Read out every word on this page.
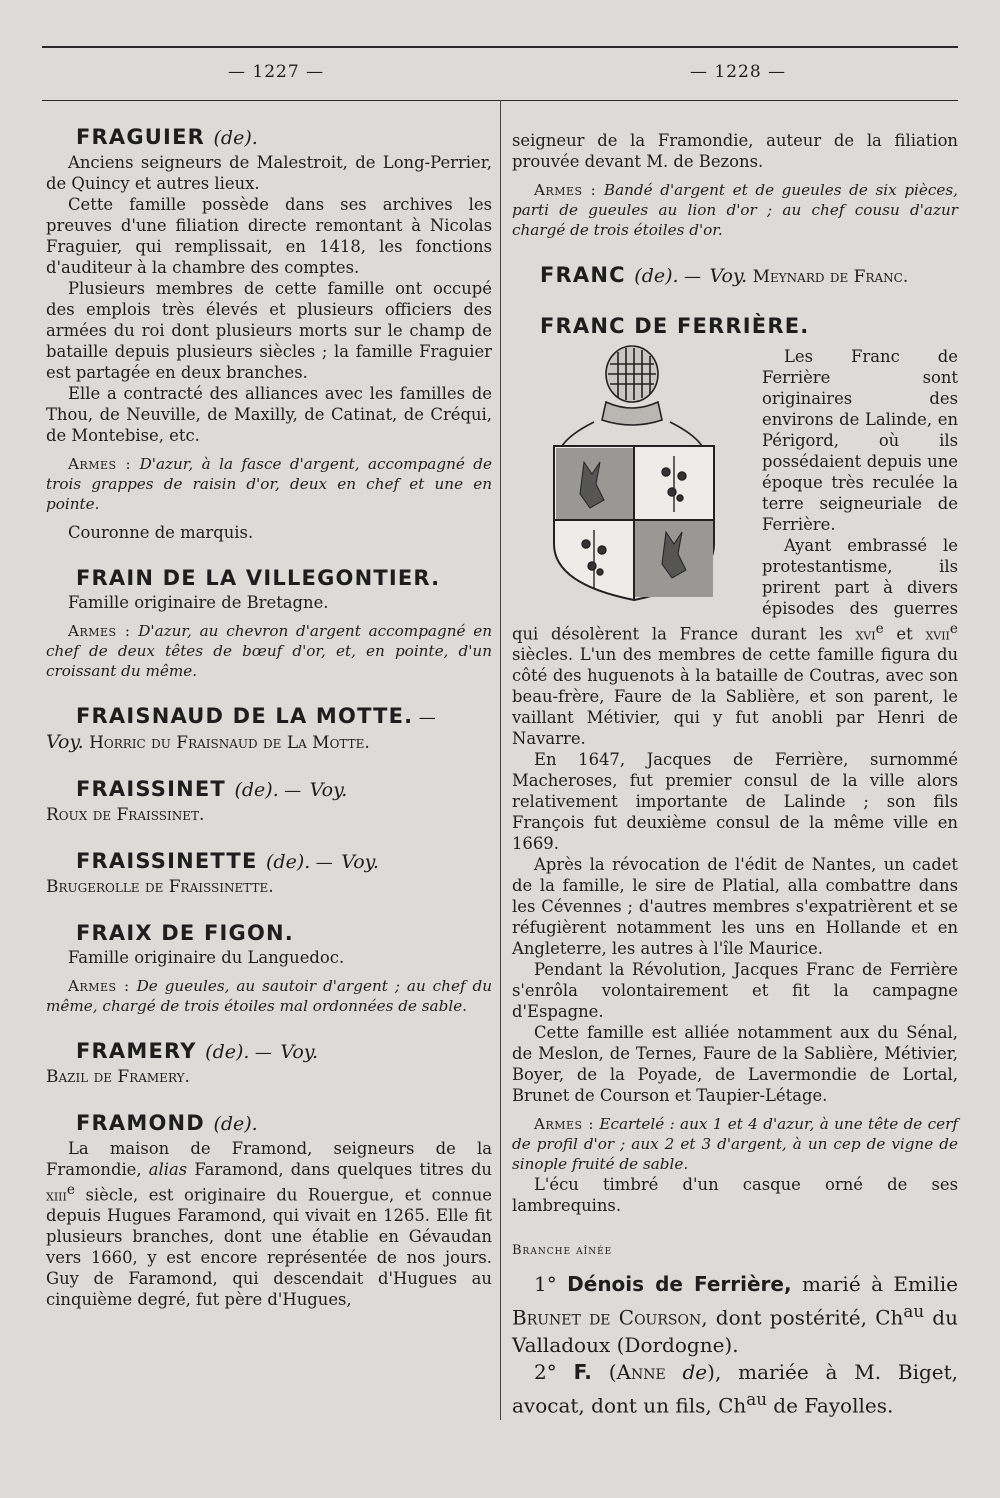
— 1227 —	— 1228 —
FRAGUIER (de).

Anciens seigneurs de Malestroit, de Long-Perrier, de Quincy et autres lieux.

Cette famille possède dans ses archives les preuves d'une filiation directe remontant à Nicolas Fraguier, qui remplissait, en 1418, les fonctions d'auditeur à la chambre des comptes.

Plusieurs membres de cette famille ont occupé des emplois très élevés et plusieurs officiers des armées du roi dont plusieurs morts sur le champ de bataille depuis plusieurs siècles ; la famille Fraguier est partagée en deux branches.

Elle a contracté des alliances avec les familles de Thou, de Neuville, de Maxilly, de Catinat, de Créqui, de Montebise, etc.

Armes : D'azur, à la fasce d'argent, accompagné de trois grappes de raisin d'or, deux en chef et une en pointe.

Couronne de marquis.

FRAIN DE LA VILLEGONTIER.

Famille originaire de Bretagne.

Armes : D'azur, au chevron d'argent accompagné en chef de deux têtes de bœuf d'or, et, en pointe, d'un croissant du même.

FRAISNAUD DE LA MOTTE. —

Voy. Horric du Fraisnaud de La Motte.

FRAISSINET (de). — Voy.

Roux de Fraissinet.

FRAISSINETTE (de). — Voy.

Brugerolle de Fraissinette.

FRAIX DE FIGON.

Famille originaire du Languedoc.

Armes : De gueules, au sautoir d'argent ; au chef du même, chargé de trois étoiles mal ordonnées de sable.

FRAMERY (de). — Voy.

Bazil de Framery.

FRAMOND (de).

La maison de Framond, seigneurs de la Framondie, alias Faramond, dans quelques titres du xiii$^e$ siècle, est originaire du Rouergue, et connue depuis Hugues Faramond, qui vivait en 1265. Elle fit plusieurs branches, dont une établie en Gévaudan vers 1660, y est encore représentée de nos jours. Guy de Faramond, qui descendait d'Hugues au cinquième degré, fut père d'Hugues,

seigneur de la Framondie, auteur de la filiation prouvée devant M. de Bezons.

Armes : Bandé d'argent et de gueules de six pièces, parti de gueules au lion d'or ; au chef cousu d'azur chargé de trois étoiles d'or.

FRANC (de). — Voy. Meynard de Franc.
FRANC DE FERRIÈRE.

Les Franc de Ferrière sont originaires des environs de Lalinde, en Périgord, où ils possédaient depuis une époque très reculée la terre seigneuriale de Ferrière.

Ayant embrassé le protestantisme, ils prirent part à divers épisodes des guerres qui désolèrent la France durant les xvi$^e$ et xvii$^e$ siècles. L'un des membres de cette famille figura du côté des huguenots à la bataille de Coutras, avec son beau-frère, Faure de la Sablière, et son parent, le vaillant Métivier, qui y fut anobli par Henri de Navarre.

En 1647, Jacques de Ferrière, surnommé Macheroses, fut premier consul de la ville alors relativement importante de Lalinde ; son fils François fut deuxième consul de la même ville en 1669.

Après la révocation de l'édit de Nantes, un cadet de la famille, le sire de Platial, alla combattre dans les Cévennes ; d'autres membres s'expatrièrent et se réfugièrent notamment les uns en Hollande et en Angleterre, les autres à l'île Maurice.

Pendant la Révolution, Jacques Franc de Ferrière s'enrôla volontairement et fit la campagne d'Espagne.

Cette famille est alliée notamment aux du Sénal, de Meslon, de Ternes, Faure de la Sablière, Métivier, Boyer, de la Poyade, de Lavermondie de Lortal, Brunet de Courson et Taupier-Létage.

Armes : Ecartelé : aux 1 et 4 d'azur, à une tête de cerf de profil d'or ; aux 2 et 3 d'argent, à un cep de vigne de sinople fruité de sable.

L'écu timbré d'un casque orné de ses lambrequins.

Branche aînée

1° Dénois de Ferrière, marié à Emilie Brunet de Courson, dont postérité, $Ch^{au}$ du Valladoux (Dordogne).

2° F. (Anne de), mariée à M. Biget, avocat, dont un fils, $Ch^{au}$ de Fayolles.
